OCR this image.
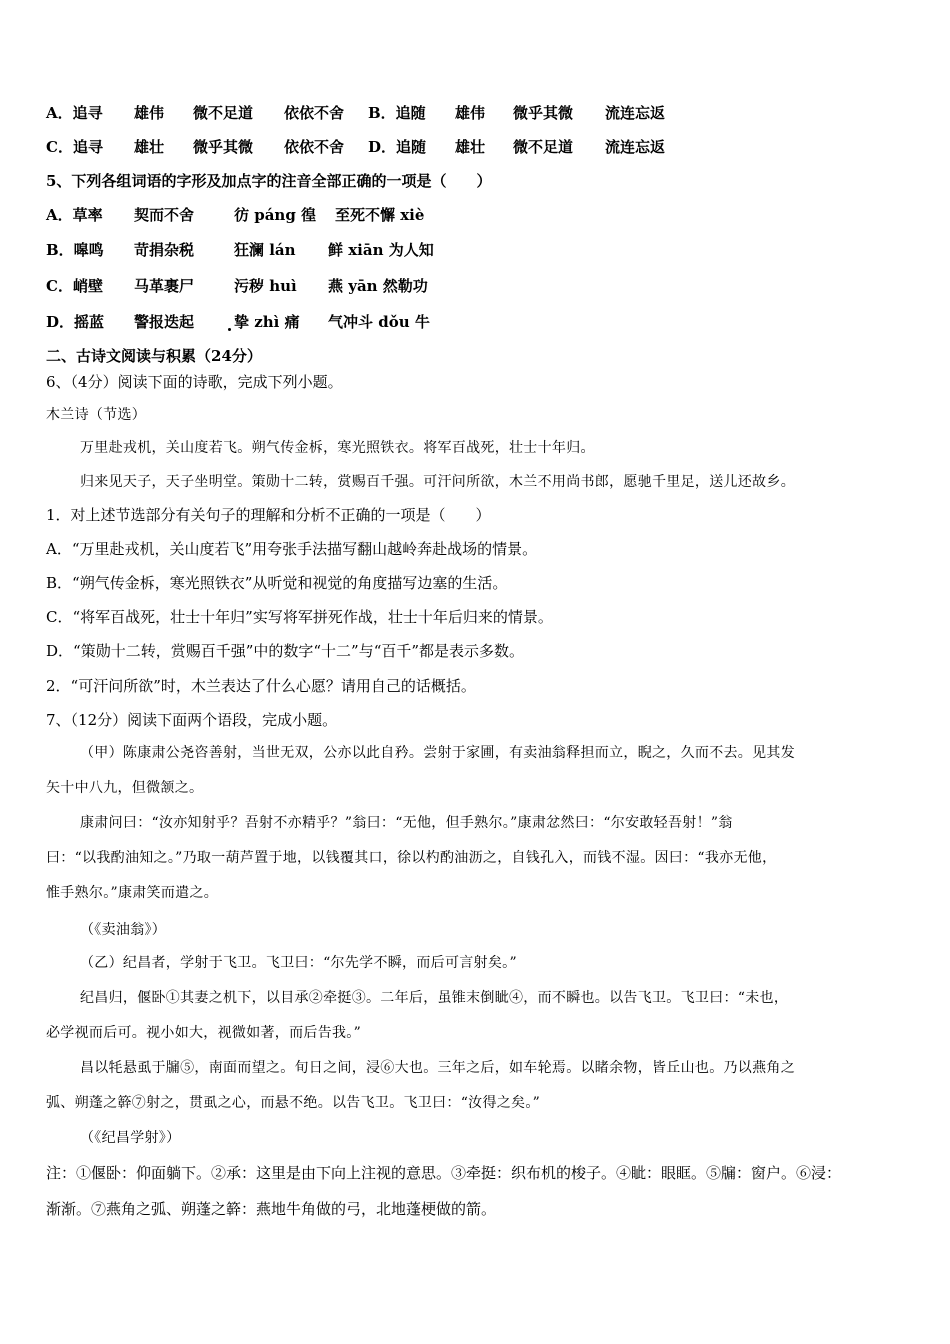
A．追寻 雄伟 微不足道 依依不舍 B．追随 雄伟 微乎其微 流连忘返
C．追寻 雄壮 微乎其微 依依不舍 D．追随 雄壮 微不足道 流连忘返
5、下列各组词语的字形及加点字的注音全部正确的一项是（　　）
A．草率 契而不舍	彷 páng 徨 至死不懈 xiè
B．嗥鸣 苛捐杂税	狂澜 lán 鲜 xiān 为人知
C．峭壁 马革裹尸	污秽 huì 燕 yān 然勒功
D．摇蓝 警报迭起	挚 zhì 痛 气冲斗 dǒu 牛
二、古诗文阅读与积累（24分）
6、（4分）阅读下面的诗歌，完成下列小题。
木兰诗（节选）
万里赴戎机，关山度若飞。朔气传金柝，寒光照铁衣。将军百战死，壮士十年归。
归来见天子，天子坐明堂。策勋十二转，赏赐百千强。可汗问所欲，木兰不用尚书郎，愿驰千里足，送儿还故乡。
1．对上述节选部分有关句子的理解和分析不正确的一项是（　　）
A．“万里赴戎机，关山度若飞”用夸张手法描写翻山越岭奔赴战场的情景。
B．“朔气传金柝，寒光照铁衣”从听觉和视觉的角度描写边塞的生活。
C．“将军百战死，壮士十年归”实写将军拼死作战，壮士十年后归来的情景。
D．“策勋十二转，赏赐百千强”中的数字“十二”与“百千”都是表示多数。
2．“可汗问所欲”时，木兰表达了什么心愿？请用自己的话概括。
7、（12分）阅读下面两个语段，完成小题。
（甲）陈康肃公尧咨善射，当世无双，公亦以此自矜。尝射于家圃，有卖油翁释担而立，睨之，久而不去。见其发
矢十中八九，但微颔之。
康肃问曰：“汝亦知射乎？吾射不亦精乎？”翁曰：“无他，但手熟尔。”康肃忿然曰：“尔安敢轻吾射！”翁
曰：“以我酌油知之。”乃取一葫芦置于地，以钱覆其口，徐以杓酌油沥之，自钱孔入，而钱不湿。因曰：“我亦无他，
惟手熟尔。”康肃笑而遣之。
（《卖油翁》）
（乙）纪昌者，学射于飞卫。飞卫曰：“尔先学不瞬，而后可言射矣。”
纪昌归，偃卧①其妻之机下，以目承②牵挺③。二年后，虽锥末倒眦④，而不瞬也。以告飞卫。飞卫曰：“未也，
必学视而后可。视小如大，视微如著，而后告我。”
昌以牦悬虱于牖⑤，南面而望之。旬日之间，浸⑥大也。三年之后，如车轮焉。以睹余物，皆丘山也。乃以燕角之
弧、朔蓬之簳⑦射之，贯虱之心，而悬不绝。以告飞卫。飞卫曰：“汝得之矣。”
（《纪昌学射》）
注：①偃卧：仰面躺下。②承：这里是由下向上注视的意思。③牵挺：织布机的梭子。④眦：眼眶。⑤牖：窗户。⑥浸：
渐渐。⑦燕角之弧、朔蓬之簳：燕地牛角做的弓，北地蓬梗做的箭。
